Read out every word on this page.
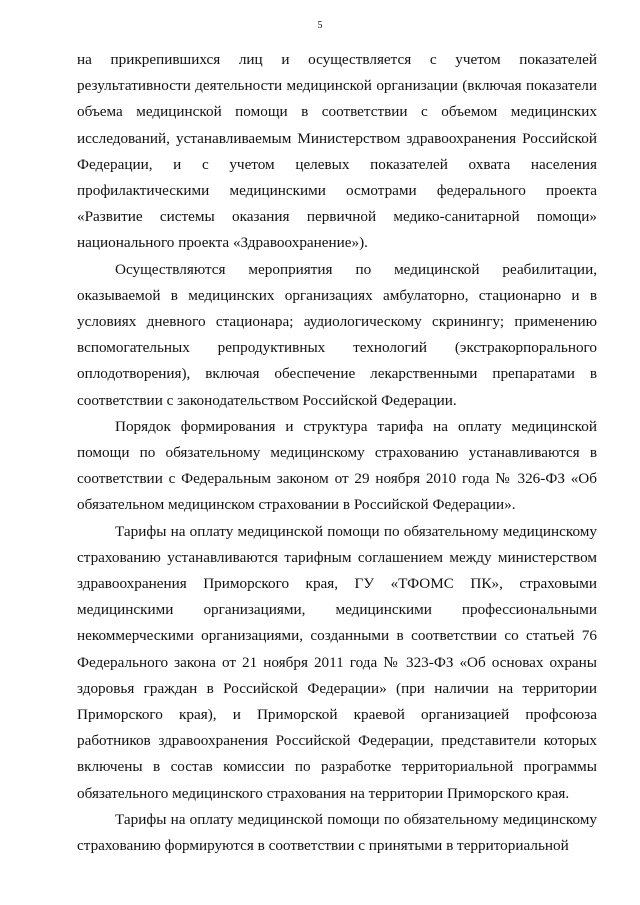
5

на прикрепившихся лиц и осуществляется с учетом показателей результативности деятельности медицинской организации (включая показатели объема медицинской помощи в соответствии с объемом медицинских исследований, устанавливаемым Министерством здравоохранения Российской Федерации, и с учетом целевых показателей охвата населения профилактическими медицинскими осмотрами федерального проекта «Развитие системы оказания первичной медико-санитарной помощи» национального проекта «Здравоохранение»).

Осуществляются мероприятия по медицинской реабилитации, оказываемой в медицинских организациях амбулаторно, стационарно и в условиях дневного стационара; аудиологическому скринингу; применению вспомогательных репродуктивных технологий (экстракорпорального оплодотворения), включая обеспечение лекарственными препаратами в соответствии с законодательством Российской Федерации.

Порядок формирования и структура тарифа на оплату медицинской помощи по обязательному медицинскому страхованию устанавливаются в соответствии с Федеральным законом от 29 ноября 2010 года № 326-ФЗ «Об обязательном медицинском страховании в Российской Федерации».

Тарифы на оплату медицинской помощи по обязательному медицинскому страхованию устанавливаются тарифным соглашением между министерством здравоохранения Приморского края, ГУ «ТФОМС ПК», страховыми медицинскими организациями, медицинскими профессиональными некоммерческими организациями, созданными в соответствии со статьей 76 Федерального закона от 21 ноября 2011 года № 323-ФЗ «Об основах охраны здоровья граждан в Российской Федерации» (при наличии на территории Приморского края), и Приморской краевой организацией профсоюза работников здравоохранения Российской Федерации, представители которых включены в состав комиссии по разработке территориальной программы обязательного медицинского страхования на территории Приморского края.

Тарифы на оплату медицинской помощи по обязательному медицинскому страхованию формируются в соответствии с принятыми в территориальной
